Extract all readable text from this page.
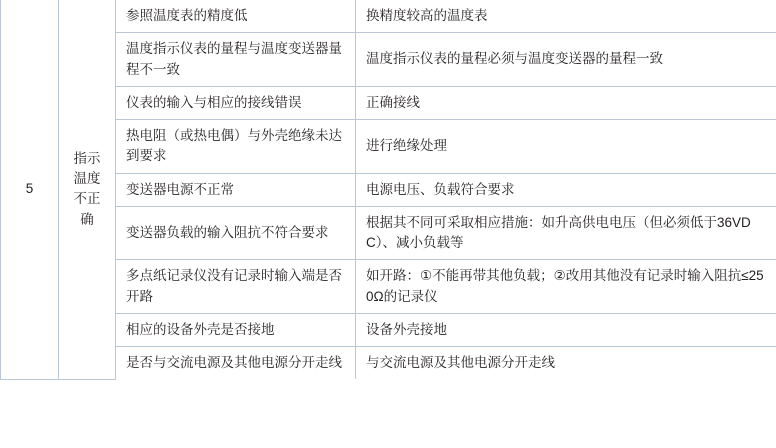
5	指示温度不正确	参照温度表的精度低	换精度较高的温度表
		温度指示仪表的量程与温度变送器量程不一致	温度指示仪表的量程必须与温度变送器的量程一致
		仪表的输入与相应的接线错误	正确接线
		热电阻（或热电偶）与外壳绝缘未达到要求	进行绝缘处理
		变送器电源不正常	电源电压、负载符合要求
		变送器负载的输入阻抗不符合要求	根据其不同可采取相应措施：如升高供电电压（但必须低于36VDC）、减小负载等
		多点纸记录仪没有记录时输入端是否开路	如开路：①不能再带其他负载；②改用其他没有记录时输入阻抗≤250Ω的记录仪
		相应的设备外壳是否接地	设备外壳接地
		是否与交流电源及其他电源分开走线	与交流电源及其他电源分开走线
